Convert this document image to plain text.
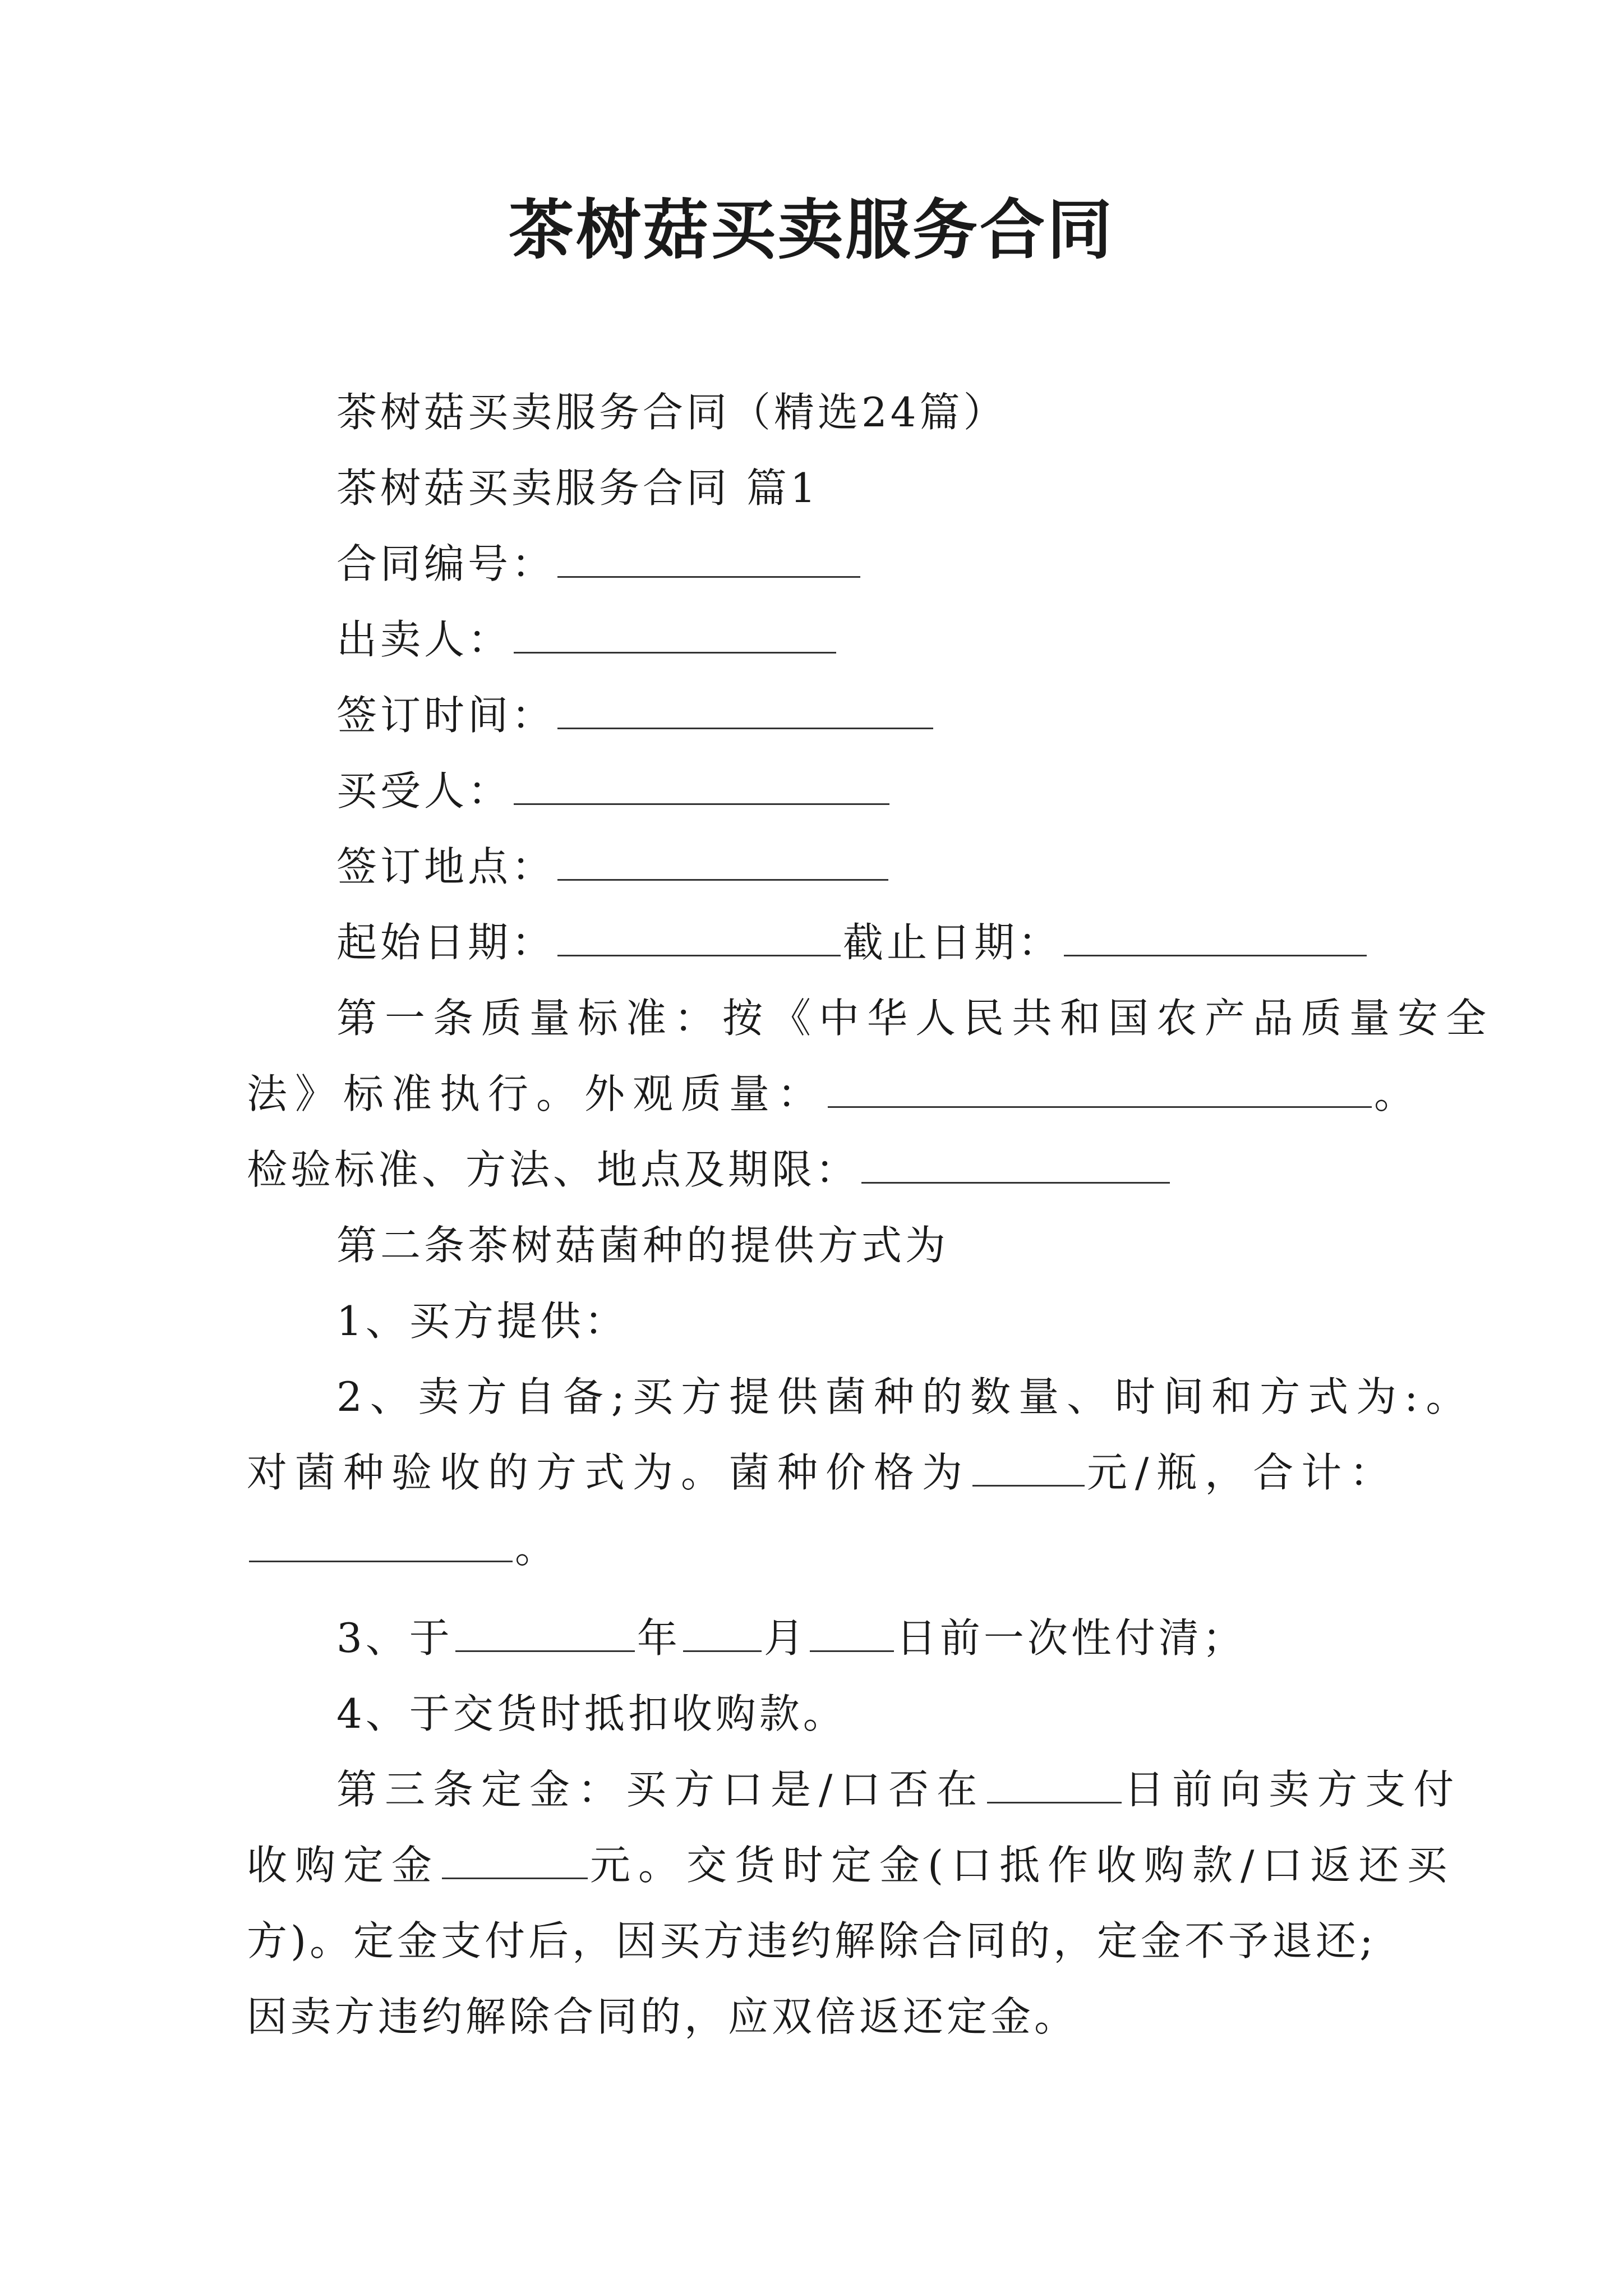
茶树菇买卖服务合同
茶树菇买卖服务合同（精选24篇）
茶树菇买卖服务合同 篇1
合同编号：
出卖人：
签订时间：
买受人：
签订地点：
起始日期：	截止日期：
第一条质量标准：按《中华人民共和国农产品质量安全
法》标准执行。外观质量：	。
检验标准、方法、地点及期限：
第二条茶树菇菌种的提供方式为
1、买方提供：
2、卖方自备;买方提供菌种的数量、时间和方式为:。
对菌种验收的方式为。菌种价格为	元/瓶，合计：
。
3、于	年 月 日前一次性付清；
4、于交货时抵扣收购款。
第三条定金：买方口是/口否在	日前向卖方支付
收购定金	元。交货时定金(口抵作收购款/口返还买
方)。定金支付后，因买方违约解除合同的，定金不予退还;
因卖方违约解除合同的，应双倍返还定金。
